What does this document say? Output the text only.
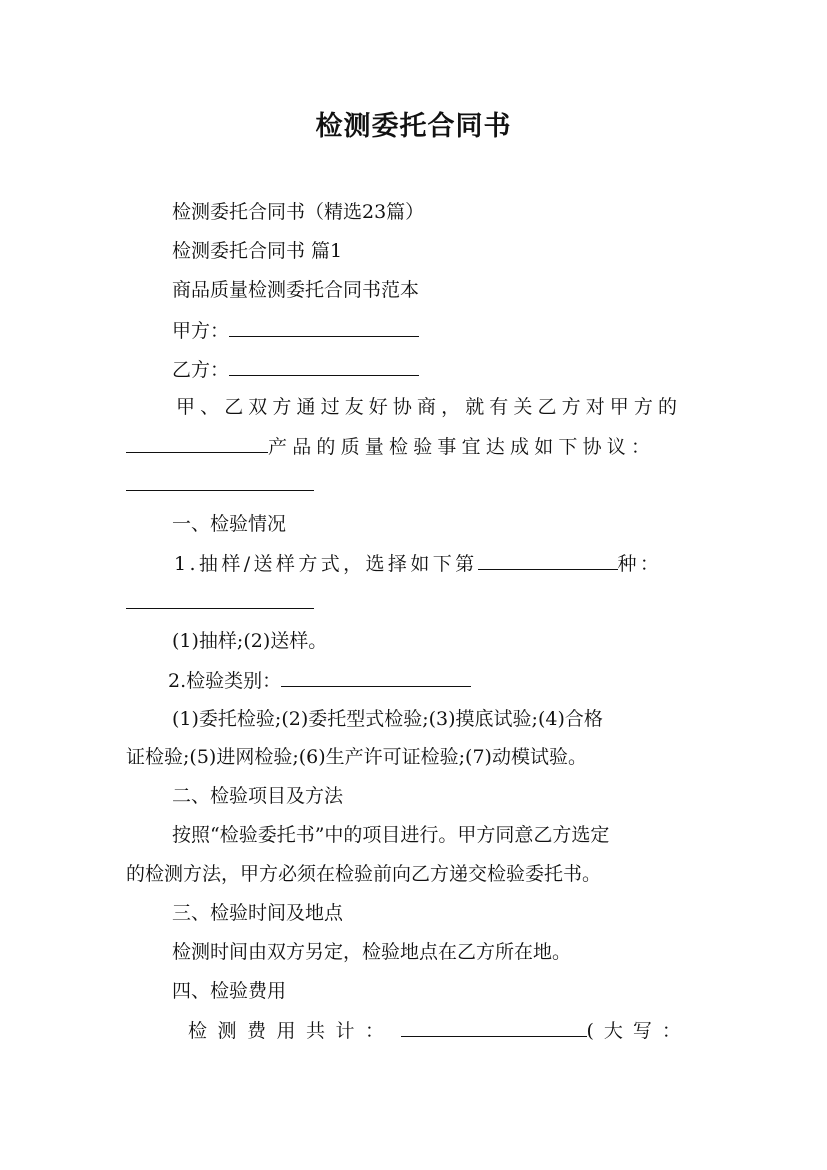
检测委托合同书
检测委托合同书（精选23篇）
检测委托合同书 篇1
商品质量检测委托合同书范本
甲方：
乙方：
甲、乙双方通过友好协商，就有关乙方对甲方的
产品的质量检验事宜达成如下协议：
一、检验情况
1.抽样/送样方式，选择如下第	种：
(1)抽样;(2)送样。
2.检验类别：
(1)委托检验;(2)委托型式检验;(3)摸底试验;(4)合格
证检验;(5)进网检验;(6)生产许可证检验;(7)动模试验。
二、检验项目及方法
按照“检验委托书”中的项目进行。甲方同意乙方选定
的检测方法，甲方必须在检验前向乙方递交检验委托书。
三、检验时间及地点
检测时间由双方另定，检验地点在乙方所在地。
四、检验费用
检测费用共计：	(大写：
